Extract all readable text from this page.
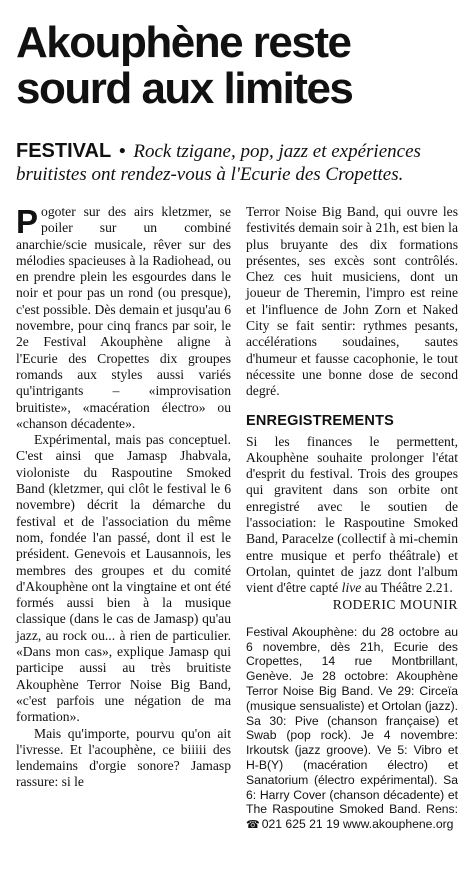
Akouphène reste sourd aux limites

FESTIVAL • Rock tzigane, pop, jazz et expériences bruitistes ont rendez-vous à l'Ecurie des Cropettes.

Pogoter sur des airs kletzmer, se poiler sur un combiné anarchie/scie musicale, rêver sur des mélodies spacieuses à la Radiohead, ou en prendre plein les esgourdes dans le noir et pour pas un rond (ou presque), c'est possible. Dès demain et jusqu'au 6 novembre, pour cinq francs par soir, le 2e Festival Akouphène aligne à l'Ecurie des Cropettes dix groupes romands aux styles aussi variés qu'intrigants – «improvisation bruitiste», «macération électro» ou «chanson décadente».

Expérimental, mais pas conceptuel. C'est ainsi que Jamasp Jhabvala, violoniste du Raspoutine Smoked Band (kletzmer, qui clôt le festival le 6 novembre) décrit la démarche du festival et de l'association du même nom, fondée l'an passé, dont il est le président. Genevois et Lausannois, les membres des groupes et du comité d'Akouphène ont la vingtaine et ont été formés aussi bien à la musique classique (dans le cas de Jamasp) qu'au jazz, au rock ou... à rien de particulier. «Dans mon cas», explique Jamasp qui participe aussi au très bruitiste Akouphène Terror Noise Big Band, «c'est parfois une négation de ma formation».

Mais qu'importe, pourvu qu'on ait l'ivresse. Et l'acouphène, ce biiiii des lendemains d'orgie sonore? Jamasp rassure: si le

Terror Noise Big Band, qui ouvre les festivités demain soir à 21h, est bien la plus bruyante des dix formations présentes, ses excès sont contrôlés. Chez ces huit musiciens, dont un joueur de Theremin, l'impro est reine et l'influence de John Zorn et Naked City se fait sentir: rythmes pesants, accélérations soudaines, sautes d'humeur et fausse cacophonie, le tout nécessite une bonne dose de second degré.

ENREGISTREMENTS

Si les finances le permettent, Akouphène souhaite prolonger l'état d'esprit du festival. Trois des groupes qui gravitent dans son orbite ont enregistré avec le soutien de l'association: le Raspoutine Smoked Band, Paracelze (collectif à mi-chemin entre musique et perfo théâtrale) et Ortolan, quintet de jazz dont l'album vient d'être capté live au Théâtre 2.21.
RODERIC MOUNIR

Festival Akouphène: du 28 octobre au 6 novembre, dès 21h, Ecurie des Cropettes, 14 rue Montbrillant, Genève. Je 28 octobre: Akouphène Terror Noise Big Band. Ve 29: Circeïa (musique sensualiste) et Ortolan (jazz). Sa 30: Pive (chanson française) et Swab (pop rock). Je 4 novembre: Irkoutsk (jazz groove). Ve 5: Vibro et H-B(Y) (macération électro) et Sanatorium (électro expérimental). Sa 6: Harry Cover (chanson décadente) et The Raspoutine Smoked Band. Rens: ☎ 021 625 21 19 www.akouphene.org
